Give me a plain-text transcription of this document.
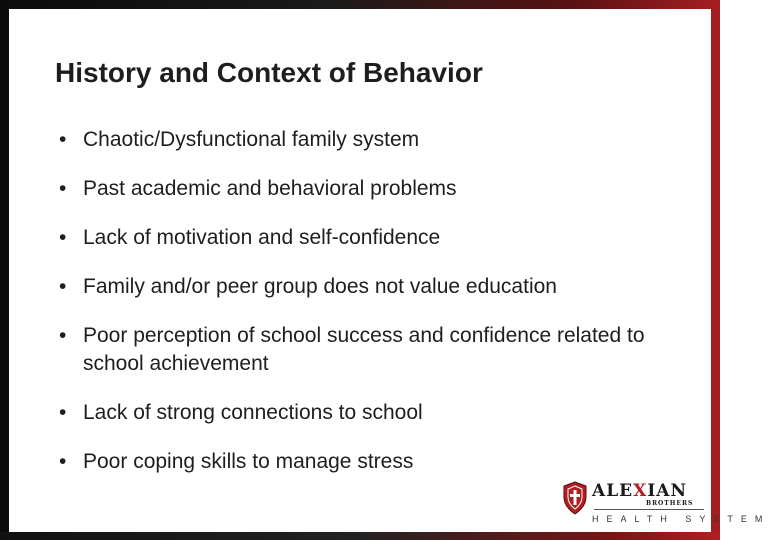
History and Context of Behavior
• Chaotic/Dysfunctional family system
• Past academic and behavioral problems
• Lack of motivation and self-confidence
• Family and/or peer group does not value education
• Poor perception of school success and confidence related to school achievement
• Lack of strong connections to school
• Poor coping skills to manage stress
ALEXIAN
BROTHERS
HEALTH SYSTEM
